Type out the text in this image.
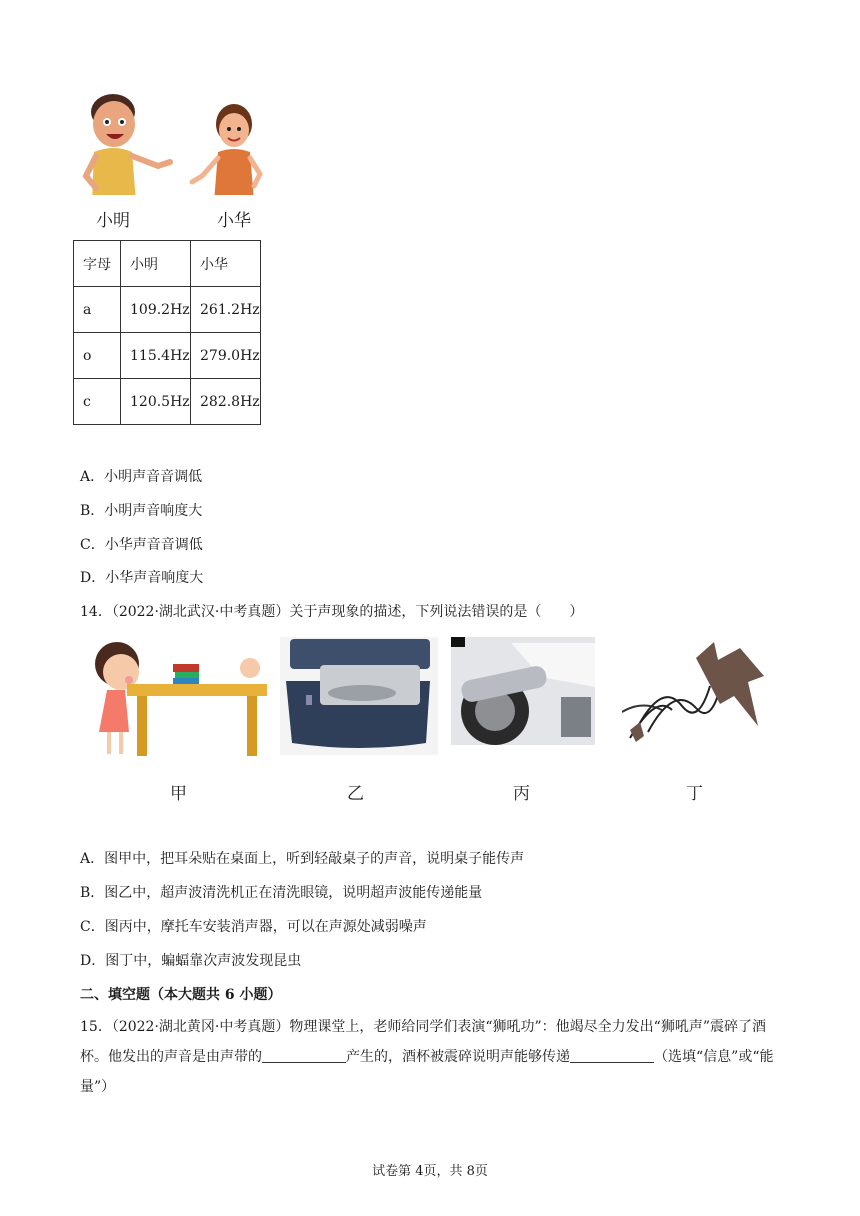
小明	小华
字母	小明	小华
a	109.2Hz	261.2Hz
o	115.4Hz	279.0Hz
c	120.5Hz	282.8Hz
A．小明声音音调低
B．小明声音响度大
C．小华声音音调低
D．小华声音响度大
14．（2022·湖北武汉·中考真题）关于声现象的描述，下列说法错误的是（　　）
甲	乙	丙	丁
A．图甲中，把耳朵贴在桌面上，听到轻敲桌子的声音，说明桌子能传声
B．图乙中，超声波清洗机正在清洗眼镜，说明超声波能传递能量
C．图丙中，摩托车安装消声器，可以在声源处减弱噪声
D．图丁中，蝙蝠靠次声波发现昆虫
二、填空题（本大题共 6 小题）
15．（2022·湖北黄冈·中考真题）物理课堂上，老师给同学们表演“狮吼功”：他竭尽全力发出“狮吼声”震碎了酒杯。他发出的声音是由声带的	产生的，酒杯被震碎说明声能够传递	（选填“信息”或“能量”）
试卷第 4页，共 8页
